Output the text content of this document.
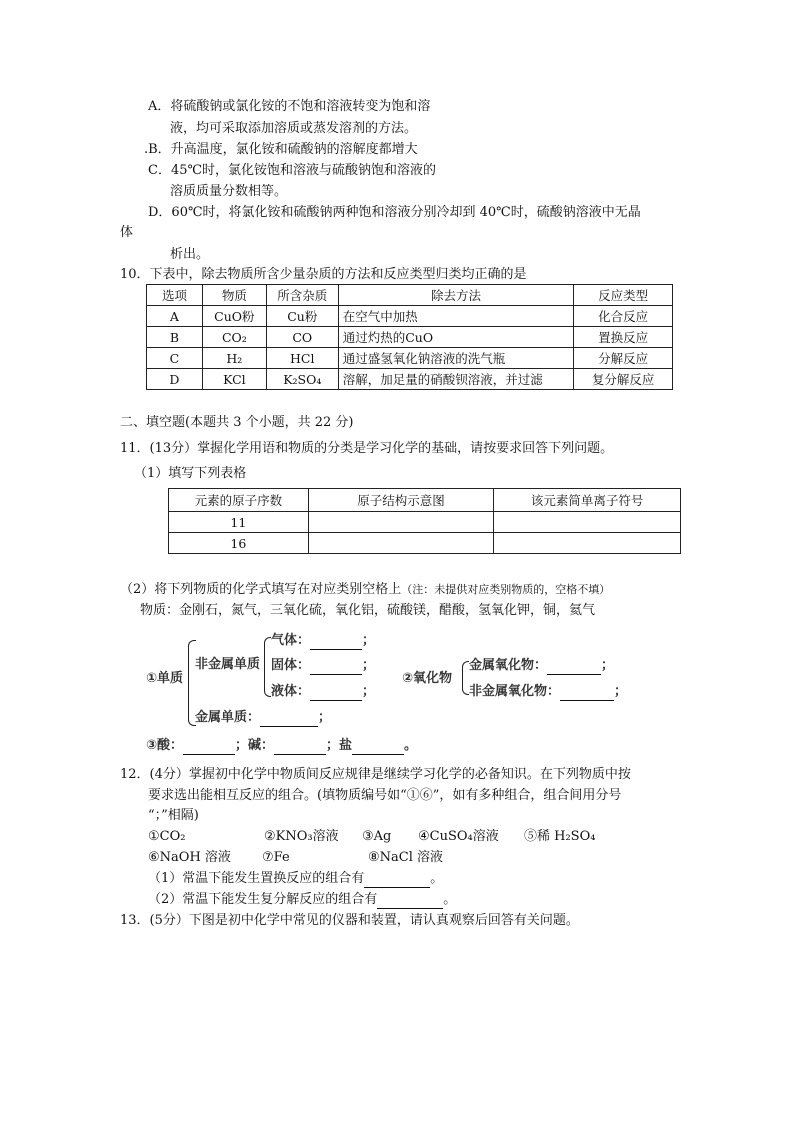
A．将硫酸钠或氯化铵的不饱和溶液转变为饱和溶
液，均可采取添加溶质或蒸发溶剂的方法。
.B．升高温度，氯化铵和硫酸钠的溶解度都增大
C．45℃时，氯化铵饱和溶液与硫酸钠饱和溶液的
溶质质量分数相等。
D．60℃时，将氯化铵和硫酸钠两种饱和溶液分别冷却到 40℃时，硫酸钠溶液中无晶
体
析出。
10．下表中，除去物质所含少量杂质的方法和反应类型归类均正确的是
选项	物质	所含杂质	除去方法	反应类型
A	CuO粉	Cu粉	在空气中加热	化合反应
B	CO₂	CO	通过灼热的CuO	置换反应
C	H₂	HCl	通过盛氢氧化钠溶液的洗气瓶	分解反应
D	KCl	K₂SO₄	溶解，加足量的硝酸钡溶液，并过滤	复分解反应
二、填空题(本题共 3 个小题，共 22 分)
11．(13分）掌握化学用语和物质的分类是学习化学的基础，请按要求回答下列问题。
（1）填写下列表格
元素的原子序数	原子结构示意图	该元素简单离子符号
11		
16		
（2）将下列物质的化学式填写在对应类别空格上（注：未提供对应类别物质的，空格不填）
物质：金刚石，氮气，三氧化硫，氧化铝，硫酸镁，醋酸，氢氧化钾，铜，氦气
①单质
非金属单质
气体：	；
固体：	；
液体：	；
金属单质：	；
②氧化物
金属氧化物：	；
非金属氧化物：	；
③酸：	；碱：	；盐	。
12．(4分）掌握初中化学中物质间反应规律是继续学习化学的必备知识。在下列物质中按
要求选出能相互反应的组合。(填物质编号如“①⑥”，如有多种组合，组合间用分号
“；”相隔)
①CO₂	②KNO₃溶液 ③Ag ④CuSO₄溶液 ⑤稀 H₂SO₄
⑥NaOH 溶液 ⑦Fe	⑧NaCl 溶液
（1）常温下能发生置换反应的组合有	。
（2）常温下能发生复分解反应的组合有	。
13．(5分）下图是初中化学中常见的仪器和装置，请认真观察后回答有关问题。
